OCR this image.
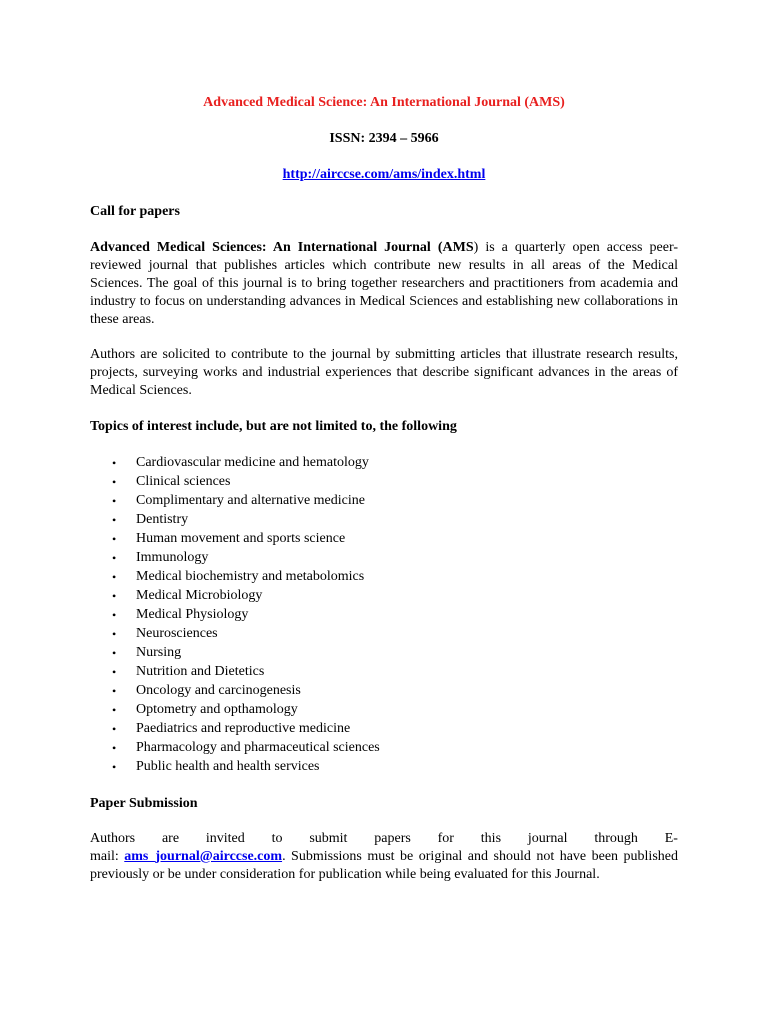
Advanced Medical Science: An International Journal (AMS)
ISSN: 2394 – 5966
http://airccse.com/ams/index.html
Call for papers
Advanced Medical Sciences: An International Journal (AMS) is a quarterly open access peer-reviewed journal that publishes articles which contribute new results in all areas of the Medical Sciences. The goal of this journal is to bring together researchers and practitioners from academia and industry to focus on understanding advances in Medical Sciences and establishing new collaborations in these areas.
Authors are solicited to contribute to the journal by submitting articles that illustrate research results, projects, surveying works and industrial experiences that describe significant advances in the areas of Medical Sciences.
Topics of interest include, but are not limited to, the following
• Cardiovascular medicine and hematology
• Clinical sciences
• Complimentary and alternative medicine
• Dentistry
• Human movement and sports science
• Immunology
• Medical biochemistry and metabolomics
• Medical Microbiology
• Medical Physiology
• Neurosciences
• Nursing
• Nutrition and Dietetics
• Oncology and carcinogenesis
• Optometry and opthamology
• Paediatrics and reproductive medicine
• Pharmacology and pharmaceutical sciences
• Public health and health services
Paper Submission
Authors are invited to submit papers for this journal through E-
mail: ams_journal@airccse.com. Submissions must be original and should not have been published previously or be under consideration for publication while being evaluated for this Journal.
